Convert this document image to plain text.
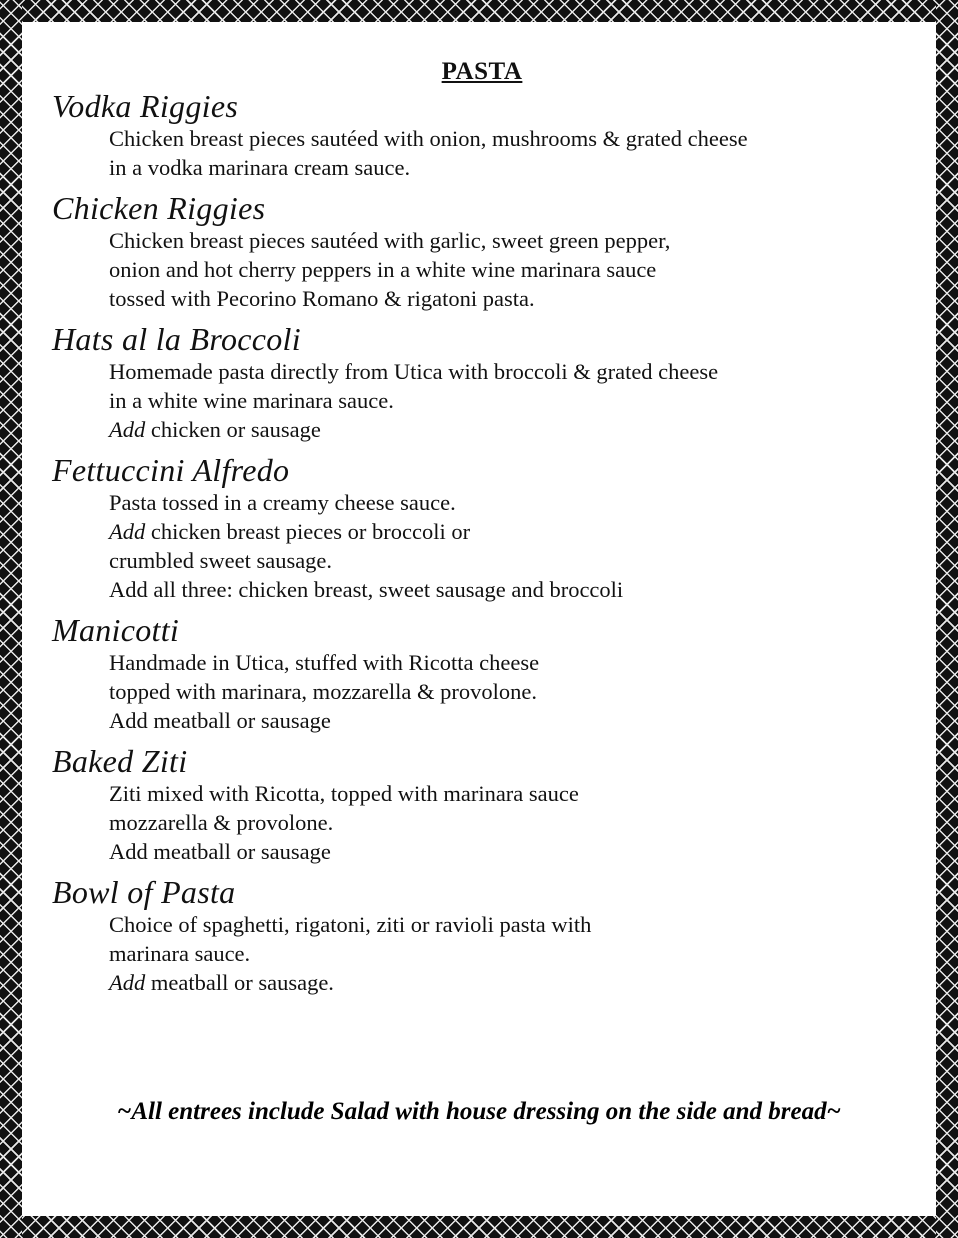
PASTA
Vodka Riggies
Chicken breast pieces sautéed with onion, mushrooms & grated cheese
in a vodka marinara cream sauce.
Chicken Riggies
Chicken breast pieces sautéed with garlic, sweet green pepper,
onion and hot cherry peppers in a white wine marinara sauce
tossed with Pecorino Romano & rigatoni pasta.
Hats al la Broccoli
Homemade pasta directly from Utica with broccoli & grated cheese
in a white wine marinara sauce.
Add chicken or sausage
Fettuccini Alfredo
Pasta tossed in a creamy cheese sauce.
Add chicken breast pieces or broccoli or
crumbled sweet sausage.
Add all three: chicken breast, sweet sausage and broccoli
Manicotti
Handmade in Utica, stuffed with Ricotta cheese
topped with marinara, mozzarella & provolone.
Add meatball or sausage
Baked Ziti
Ziti mixed with Ricotta, topped with marinara sauce
mozzarella & provolone.
Add meatball or sausage
Bowl of Pasta
Choice of spaghetti, rigatoni, ziti or ravioli pasta with
marinara sauce.
Add meatball or sausage.
~All entrees include Salad with house dressing on the side and bread~
